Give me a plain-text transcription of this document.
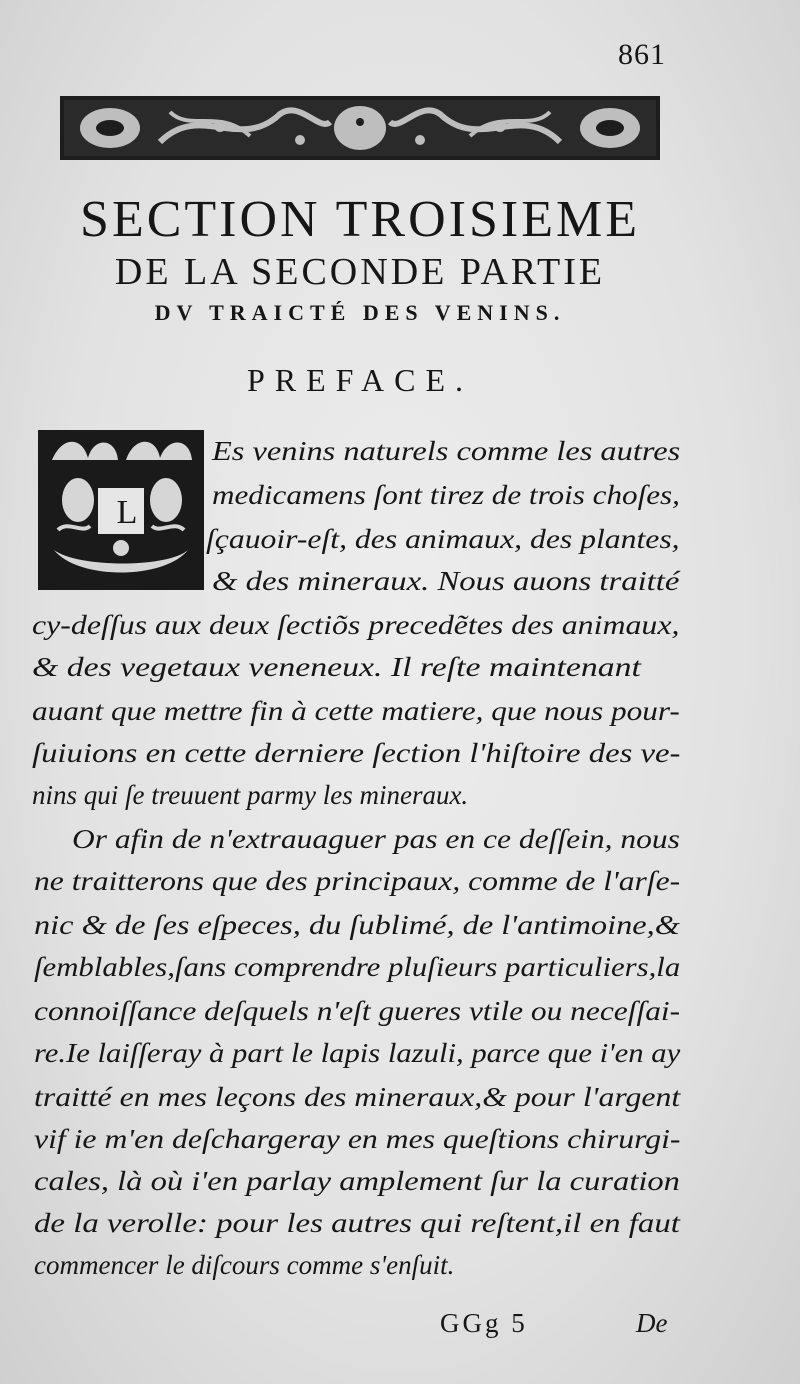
861
SECTION TROISIEME
DE LA SECONDE PARTIE
DV TRAICTÉ DES VENINS.
PREFACE.
L
Es venins naturels comme les autres
medicamens ſont tirez de trois choſes,
ſçauoir-eſt, des animaux, des plantes,
& des mineraux. Nous auons traitté
cy-deſſus aux deux ſectiõs precedẽtes des animaux,
& des vegetaux veneneux. Il reſte maintenant
auant que mettre fin à cette matiere, que nous pour-
ſuiuions en cette derniere ſection l'hiſtoire des ve-
nins qui ſe treuuent parmy les mineraux.
Or afin de n'extrauaguer pas en ce deſſein, nous
ne traitterons que des principaux, comme de l'arſe-
nic & de ſes eſpeces, du ſublimé, de l'antimoine,&
ſemblables,ſans comprendre pluſieurs particuliers,la
connoiſſance deſquels n'eſt gueres vtile ou neceſſai-
re.Ie laiſſeray à part le lapis lazuli, parce que i'en ay
traitté en mes leçons des mineraux,& pour l'argent
vif ie m'en deſchargeray en mes queſtions chirurgi-
cales, là où i'en parlay amplement ſur la curation
de la verolle: pour les autres qui reſtent,il en faut
commencer le diſcours comme s'enſuit.
GGg 5	De
